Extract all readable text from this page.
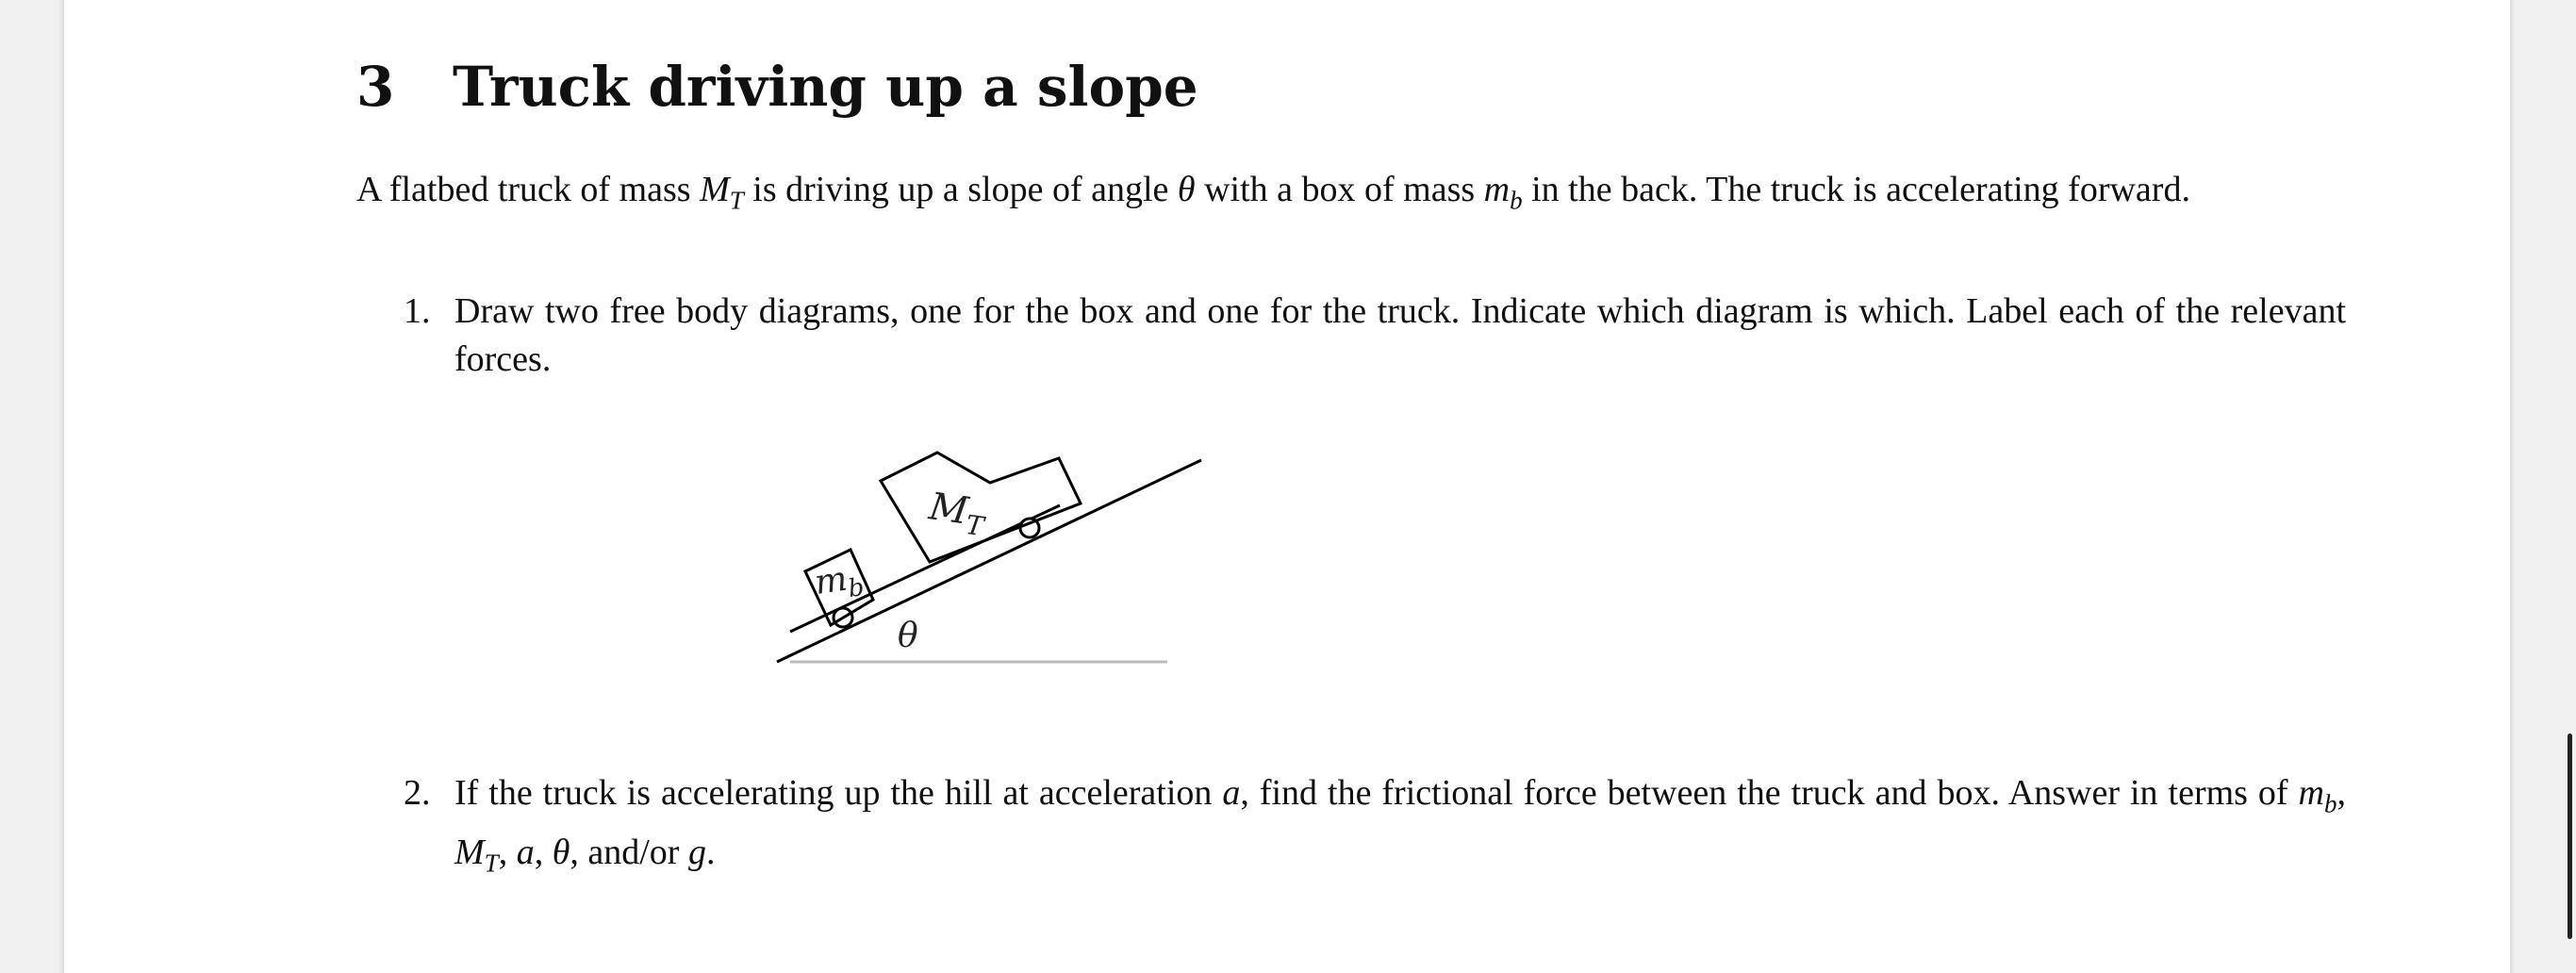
3 Truck driving up a slope

A flatbed truck of mass $M_T$ is driving up a slope of angle θ with a box of mass $m_b$ in the back. The truck is accelerating forward.

1. Draw two free body diagrams, one for the box and one for the truck. Indicate which diagram is which. Label each of the relevant forces.
2. If the truck is accelerating up the hill at acceleration a, find the frictional force between the truck and box. Answer in terms of $m_b$, $M_T$, a, θ, and/or g.
$M_T$
$m_b$
θ
